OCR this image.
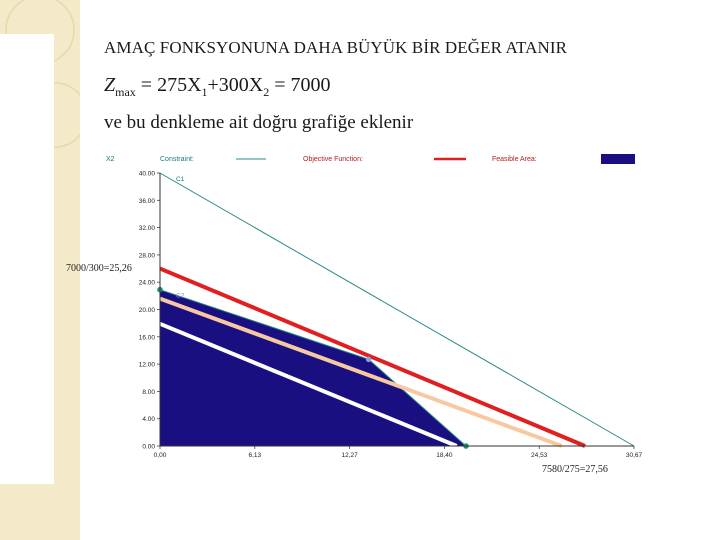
AMAÇ FONKSYONUNA DAHA BÜYÜK BİR DEĞER ATANIR
$Z_{max} = 275X_1+300X_2 = 7000$
ve bu denkleme ait doğru grafiğe eklenir
X2	Constraint:	Objective Function:	Feasible Area:
0.00
4.00
8.00
12.00
16.00
20.00
24.00
28.00
32.00
36.00
40.00
0,00	6,13	12,27	18,40	24,53	30,67
C1
C2
7000/300=25,26
7580/275=27,56
